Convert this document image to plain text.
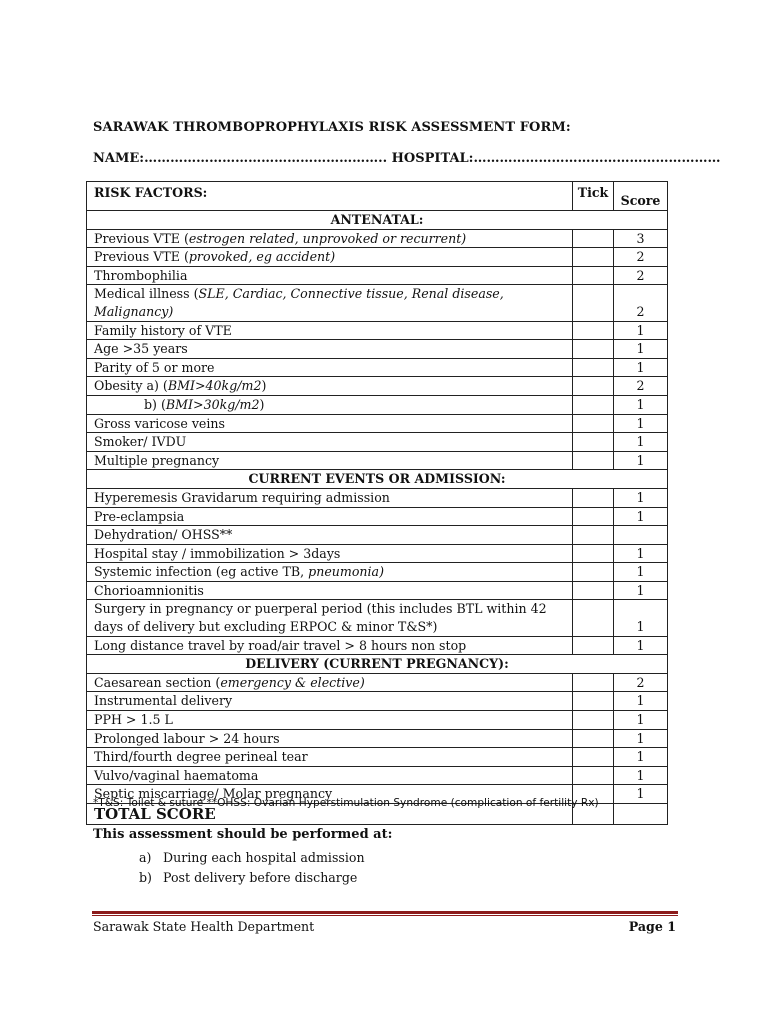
SARAWAK THROMBOPROPHYLAXIS RISK ASSESSMENT FORM:
NAME:……………………………………………….. HOSPITAL:…………………………………………………
RISK FACTORS:	Tick	Score
ANTENATAL:		
Previous VTE (estrogen related, unprovoked or recurrent)		3
Previous VTE (provoked, eg accident)		2
Thrombophilia		2
Medical illness (SLE, Cardiac, Connective tissue, Renal disease, Malignancy)		2
Family history of VTE		1
Age >35 years		1
Parity of 5 or more		1
Obesity a) (BMI>40kg/m2)		2
b) (BMI>30kg/m2)		1
Gross varicose veins		1
Smoker/ IVDU		1
Multiple pregnancy		1
CURRENT EVENTS OR ADMISSION:		
Hyperemesis Gravidarum requiring admission		1
Pre-eclampsia		1
Dehydration/ OHSS**		
Hospital stay / immobilization > 3days		1
Systemic infection (eg active TB, pneumonia)		1
Chorioamnionitis		1
Surgery in pregnancy or puerperal period (this includes BTL within 42 days of delivery but excluding ERPOC & minor T&S*)		1
Long distance travel by road/air travel > 8 hours non stop		1
DELIVERY (CURRENT PREGNANCY):		
Caesarean section (emergency & elective)		2
Instrumental delivery		1
PPH > 1.5 L		1
Prolonged labour > 24 hours		1
Third/fourth degree perineal tear		1
Vulvo/vaginal haematoma		1
Septic miscarriage/ Molar pregnancy		1
TOTAL SCORE		
*T&S: Toilet & suture **OHSS: Ovarian Hyperstimulation Syndrome (complication of fertility Rx)
This assessment should be performed at:
a) During each hospital admission
b) Post delivery before discharge
Sarawak State Health Department	Page 1
